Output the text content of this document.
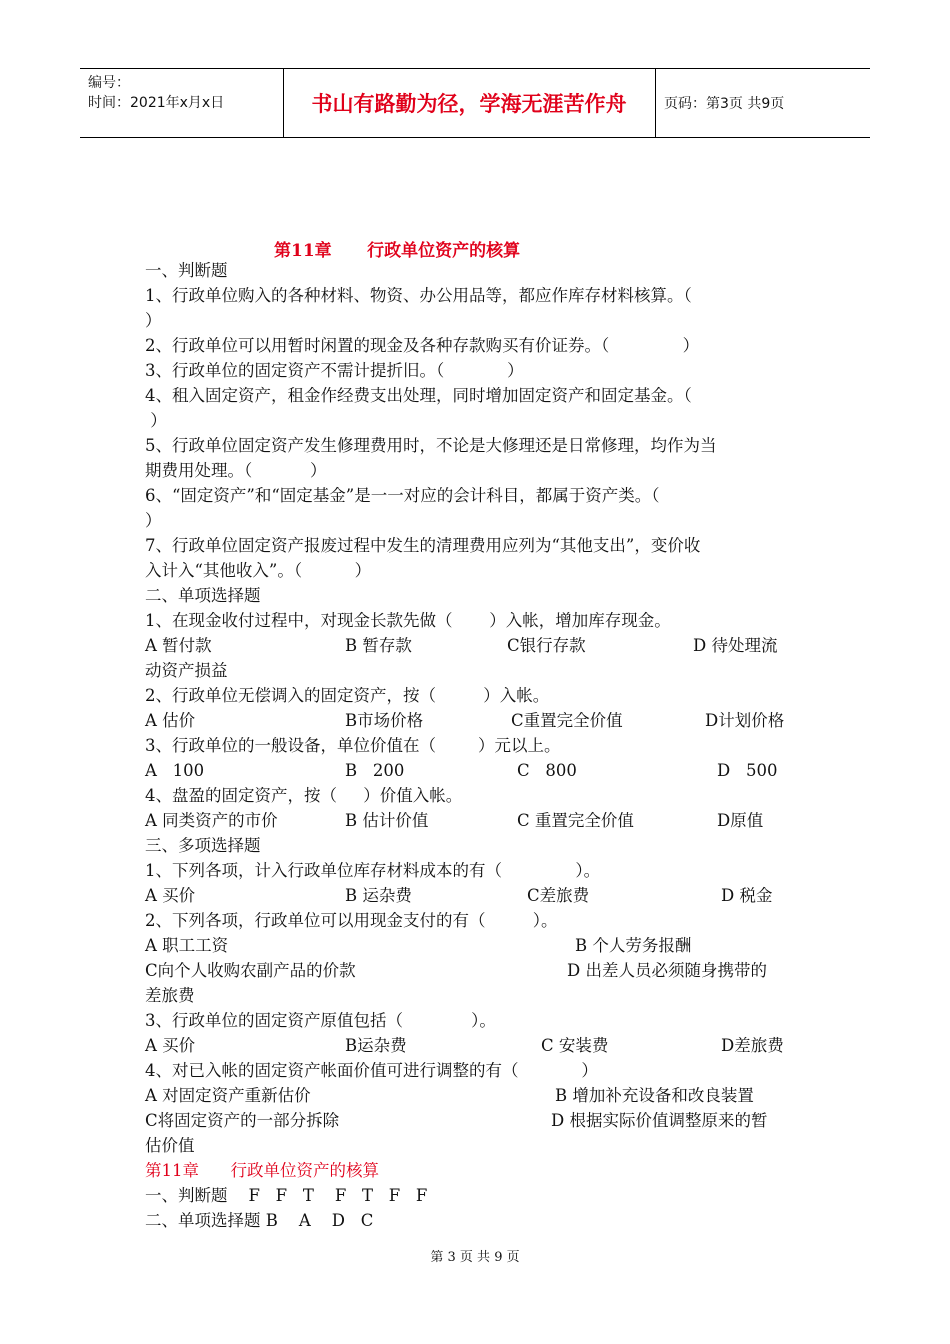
编号：
时间：2021年x月x日	书山有路勤为径，学海无涯苦作舟	页码：第3页 共9页
第11章      行政单位资产的核算
一、判断题
1、行政单位购入的各种材料、物资、办公用品等，都应作库存材料核算。（
）
2、行政单位可以用暂时闲置的现金及各种存款购买有价证券。（              ）
3、行政单位的固定资产不需计提折旧。（            ）
4、租入固定资产，租金作经费支出处理，同时增加固定资产和固定基金。（
）
5、行政单位固定资产发生修理费用时，不论是大修理还是日常修理，均作为当
期费用处理。（           ）
6、“固定资产”和“固定基金”是一一对应的会计科目，都属于资产类。（
）
7、行政单位固定资产报废过程中发生的清理费用应列为“其他支出”，变价收
入计入“其他收入”。（          ）
二、单项选择题
1、在现金收付过程中，对现金长款先做（       ）入帐，增加库存现金。
A 暂付款	B 暂存款	C银行存款	D 待处理流
动资产损益
2、行政单位无偿调入的固定资产，按（         ）入帐。
A 估价	B市场价格	C重置完全价值	D计划价格
3、行政单位的一般设备，单位价值在（        ）元以上。
A   100	B   200	C   800	D   500
4、盘盈的固定资产，按（     ）价值入帐。
A 同类资产的市价	B 估计价值	C 重置完全价值	D原值
三、多项选择题
1、下列各项，计入行政单位库存材料成本的有（              ）。
A 买价	B 运杂费	C差旅费	D 税金
2、下列各项，行政单位可以用现金支付的有（         ）。
A 职工工资	B 个人劳务报酬
C向个人收购农副产品的价款	D 出差人员必须随身携带的
差旅费
3、行政单位的固定资产原值包括（             ）。
A 买价	B运杂费	C 安装费	D差旅费
4、对已入帐的固定资产帐面价值可进行调整的有（            ）
A 对固定资产重新估价	B 增加补充设备和改良装置
C将固定资产的一部分拆除	D 根据实际价值调整原来的暂
估价值
第11章      行政单位资产的核算
一、判断题    F   F   T    F   T   F   F
二、单项选择题 B    A    D   C
第 3 页 共 9 页
